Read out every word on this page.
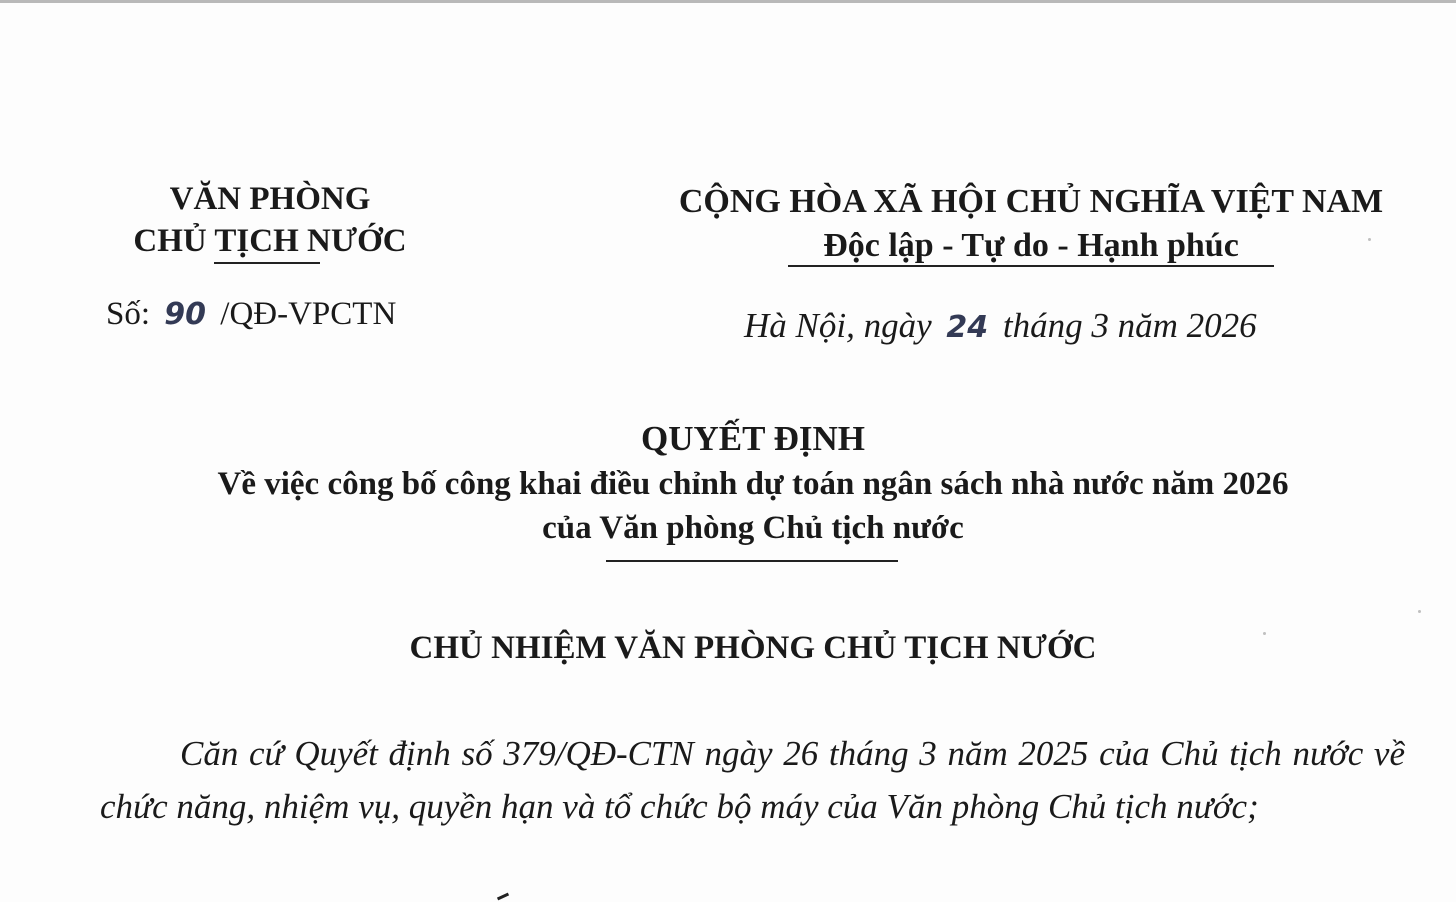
VĂN PHÒNG
CHỦ TỊCH NƯỚC
Số: 90 /QĐ-VPCTN
CỘNG HÒA XÃ HỘI CHỦ NGHĨA VIỆT NAM
Độc lập - Tự do - Hạnh phúc
Hà Nội, ngày 24 tháng 3 năm 2026
QUYẾT ĐỊNH
Về việc công bố công khai điều chỉnh dự toán ngân sách nhà nước năm 2026
của Văn phòng Chủ tịch nước
CHỦ NHIỆM VĂN PHÒNG CHỦ TỊCH NƯỚC
Căn cứ Quyết định số 379/QĐ-CTN ngày 26 tháng 3 năm 2025 của Chủ tịch nước về chức năng, nhiệm vụ, quyền hạn và tổ chức bộ máy của Văn phòng Chủ tịch nước;
